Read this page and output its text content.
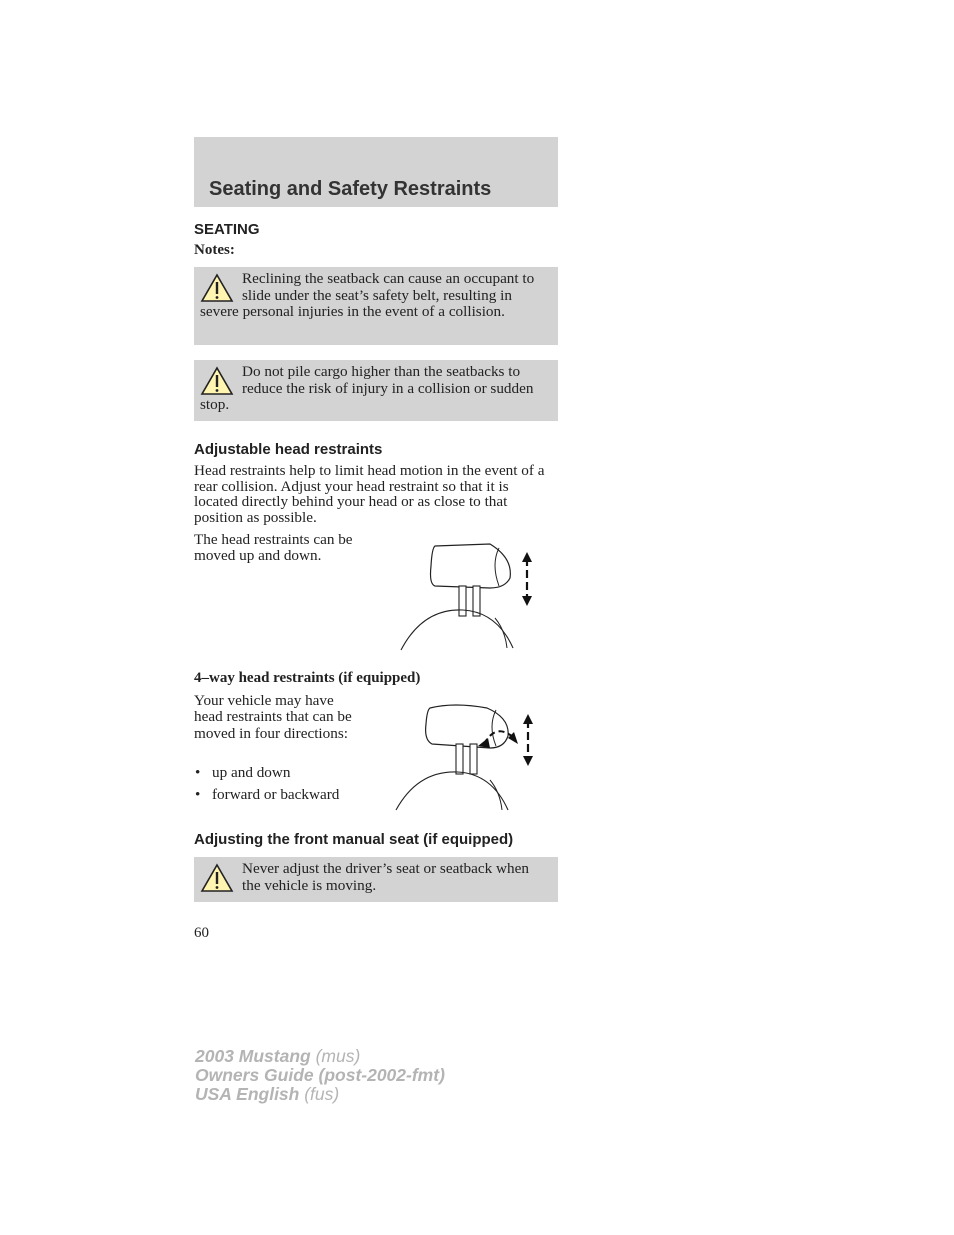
Seating and Safety Restraints
SEATING
Notes:
Reclining the seatback can cause an occupant to slide under the seat’s safety belt, resulting in severe personal injuries in the event of a collision.
Do not pile cargo higher than the seatbacks to reduce the risk of injury in a collision or sudden stop.
Adjustable head restraints
Head restraints help to limit head motion in the event of a rear collision. Adjust your head restraint so that it is located directly behind your head or as close to that position as possible.
The head restraints can be moved up and down.
4–way head restraints (if equipped)
Your vehicle may have head restraints that can be moved in four directions:
• up and down
• forward or backward
Adjusting the front manual seat (if equipped)
Never adjust the driver’s seat or seatback when the vehicle is moving.
60
2003 Mustang (mus)
Owners Guide (post-2002-fmt)
USA English (fus)
